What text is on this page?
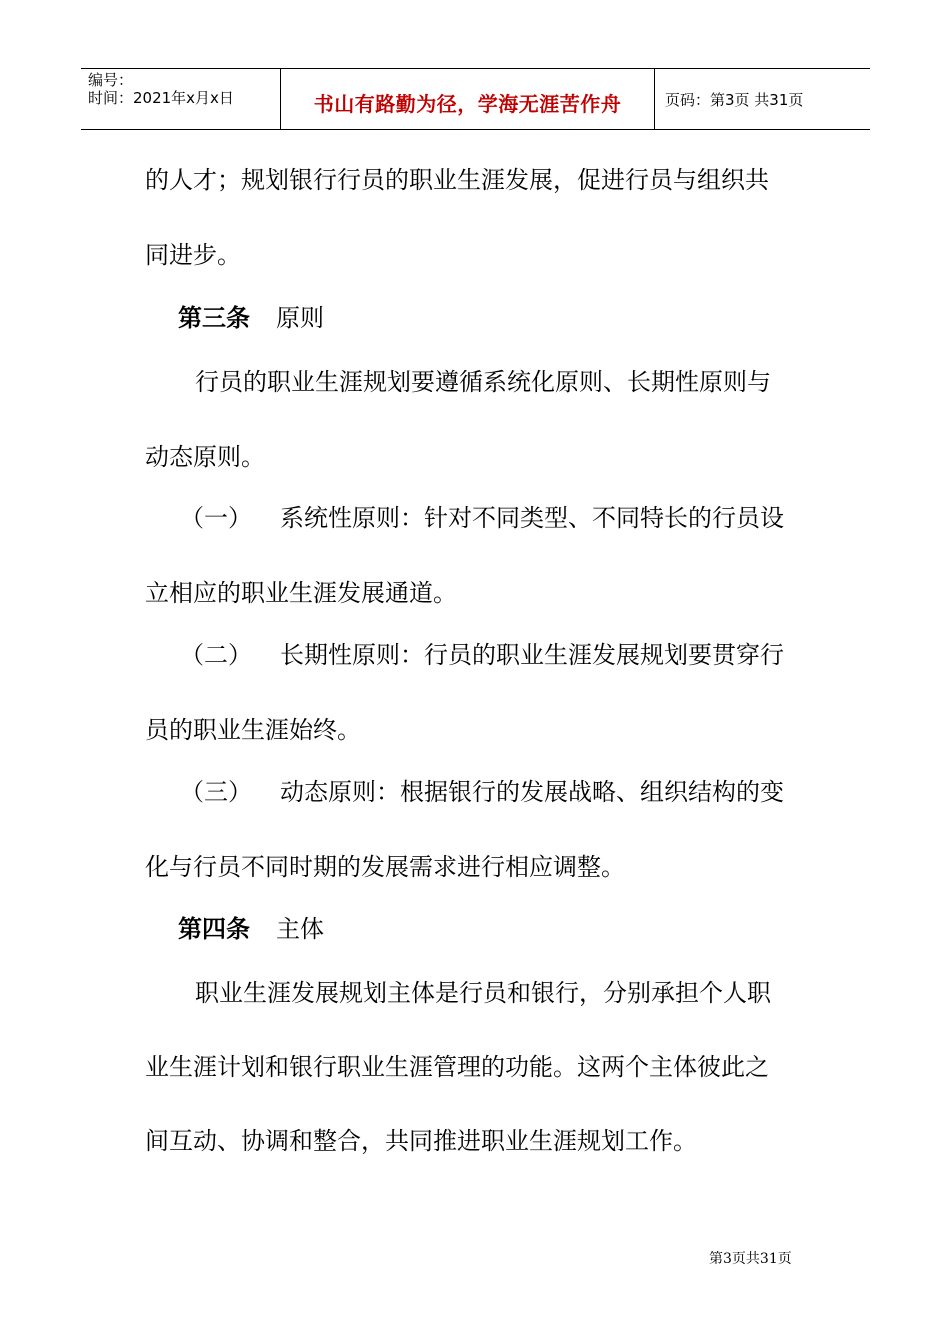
编号：
时间：2021年x月x日	书山有路勤为径，学海无涯苦作舟	页码：第3页 共31页
的人才；规划银行行员的职业生涯发展，促进行员与组织共
同进步。
第三条 原则
行员的职业生涯规划要遵循系统化原则、长期性原则与
动态原则。
（一） 系统性原则：针对不同类型、不同特长的行员设
立相应的职业生涯发展通道。
（二） 长期性原则：行员的职业生涯发展规划要贯穿行
员的职业生涯始终。
（三） 动态原则：根据银行的发展战略、组织结构的变
化与行员不同时期的发展需求进行相应调整。
第四条 主体
职业生涯发展规划主体是行员和银行，分别承担个人职
业生涯计划和银行职业生涯管理的功能。这两个主体彼此之
间互动、协调和整合，共同推进职业生涯规划工作。
第3页共31页
